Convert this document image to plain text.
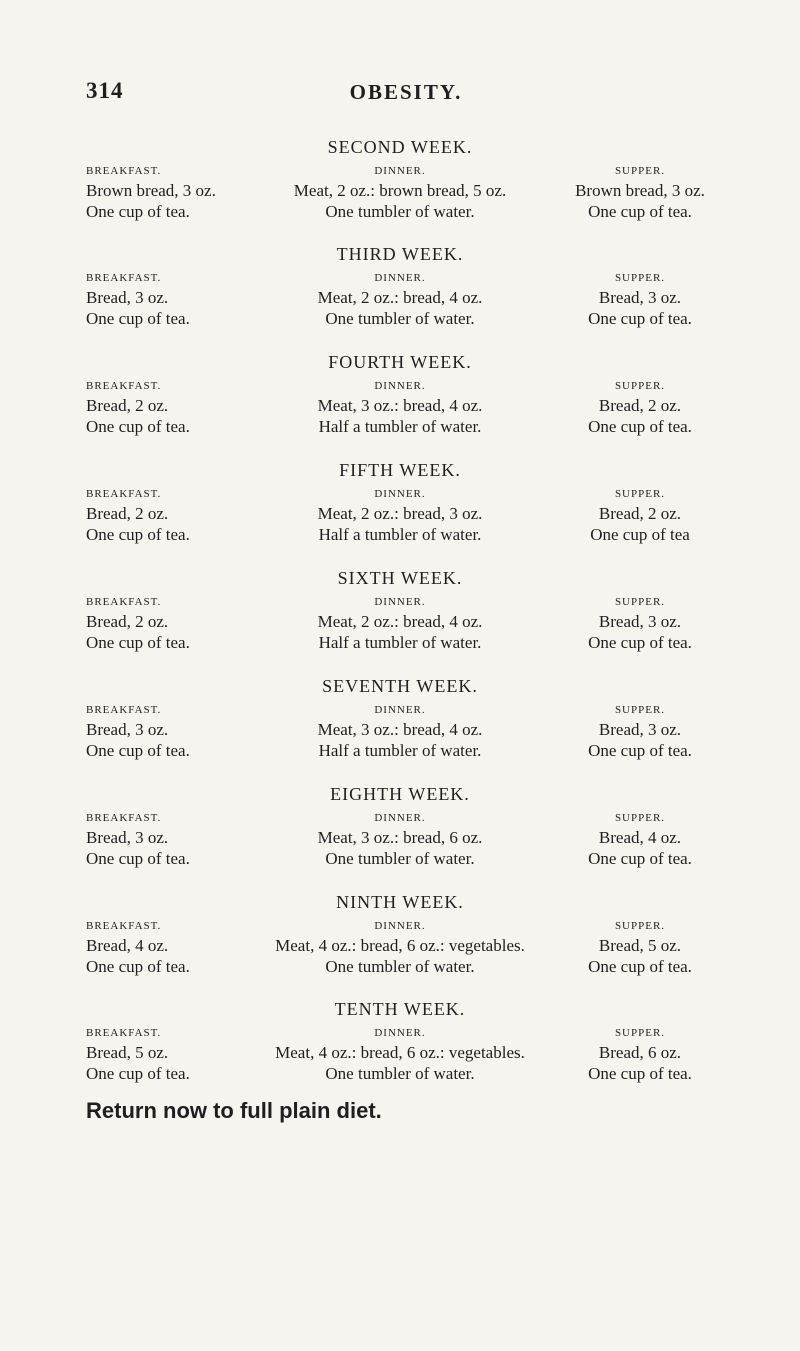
314	OBESITY.
SECOND WEEK.
BREAKFAST.
Brown bread, 3 oz.
One cup of tea.
DINNER.
Meat, 2 oz.: brown bread, 5 oz.
One tumbler of water.
SUPPER.
Brown bread, 3 oz.
One cup of tea.
THIRD WEEK.
BREAKFAST.
Bread, 3 oz.
One cup of tea.
DINNER.
Meat, 2 oz.: bread, 4 oz.
One tumbler of water.
SUPPER.
Bread, 3 oz.
One cup of tea.
FOURTH WEEK.
BREAKFAST.
Bread, 2 oz.
One cup of tea.
DINNER.
Meat, 3 oz.: bread, 4 oz.
Half a tumbler of water.
SUPPER.
Bread, 2 oz.
One cup of tea.
FIFTH WEEK.
BREAKFAST.
Bread, 2 oz.
One cup of tea.
DINNER.
Meat, 2 oz.: bread, 3 oz.
Half a tumbler of water.
SUPPER.
Bread, 2 oz.
One cup of tea
SIXTH WEEK.
BREAKFAST.
Bread, 2 oz.
One cup of tea.
DINNER.
Meat, 2 oz.: bread, 4 oz.
Half a tumbler of water.
SUPPER.
Bread, 3 oz.
One cup of tea.
SEVENTH WEEK.
BREAKFAST.
Bread, 3 oz.
One cup of tea.
DINNER.
Meat, 3 oz.: bread, 4 oz.
Half a tumbler of water.
SUPPER.
Bread, 3 oz.
One cup of tea.
EIGHTH WEEK.
BREAKFAST.
Bread, 3 oz.
One cup of tea.
DINNER.
Meat, 3 oz.: bread, 6 oz.
One tumbler of water.
SUPPER.
Bread, 4 oz.
One cup of tea.
NINTH WEEK.
BREAKFAST.
Bread, 4 oz.
One cup of tea.
DINNER.
Meat, 4 oz.: bread, 6 oz.: vegetables.
One tumbler of water.
SUPPER.
Bread, 5 oz.
One cup of tea.
TENTH WEEK.
BREAKFAST.
Bread, 5 oz.
One cup of tea.
DINNER.
Meat, 4 oz.: bread, 6 oz.: vegetables.
One tumbler of water.
SUPPER.
Bread, 6 oz.
One cup of tea.
Return now to full plain diet.
